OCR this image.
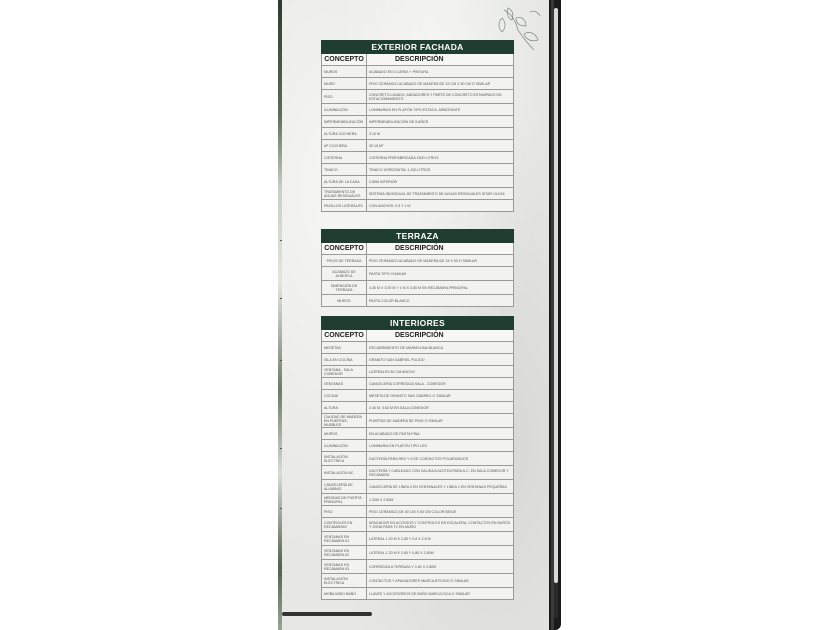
EXTERIOR FACHADA	
CONCEPTO	DESCRIPCIÓN
MUROS	ACABADO EN 3 CAPAS + PINTURA
MURO	PISO CERÁMICO ACABADO DE MADERA DE 15 CM X 50 CM O SIMILAR
PISO	CONCRETO LAVADO, ANDADORES Y PARTE DE CONCRETO ESTAMPADO EN ESTACIONAMIENTO
ILUMINACIÓN	LUMINARIAS EN PLAFÓN TIPO ESTACA, ARBOTANTE
IMPERMEABILIZACIÓN	IMPERMEABILIZACIÓN DE 5 AÑOS
ALTURA COCHERA	3.10 M
M² COCHERA	30.15 M²
CISTERNA	CISTERNA PREFABRICADA 1500 LITROS
TINACO	TINACO HORIZONTAL 1,100 LITROS
ALTURA DE LA CASA	2.80M INTERIOR
TRATAMIENTO DE AGUAS RESIDUALES	SISTEMA INDIVIDUAL DE TRATAMIENTO DE AGUAS RESIDUALES SITAR OLD18
PASILLOS LATERALES	CON ANCHOS: 0.9 Y 1 M
TERRAZA	
CONCEPTO	DESCRIPCIÓN
PISOS DE TERRAZA	PISO CERÁMICO ACABADO DE MADERA DE 15 X 50 O SIMILAR
ACABADO DE ALBERCA	PASTA TIPO CHUKUM
DIMENSIÓN DE TERRAZA	4.30 M X 3.00 M Y 1 M X 3.65 M EN RECÁMARA PRINCIPAL
MUROS	PASTA COLOR BLANCO
INTERIORES	
CONCEPTO	DESCRIPCIÓN
MESETAS	RECUBRIMIENTO DE MARMOLINA BLANCA
ISLA EN COCINA	GRANITO SAN GABRIEL PULIDO
VENTANA - SALA COMEDOR	LATERALES 80 CM ANCHO
VENTANAS	CANCELERÍA CORREDIZA SALA - COMEDOR
COCINA	MESETA DE GRANITO SAN GABRIEL O SIMILAR
ALTURA	3.40 M, 3.63 M EN SALA COMEDOR
CALIDAD DE MADERA EN PUERTAS, MUEBLES	PUERTAS DE MADERA DE PINO O SIMILAR
MUROS	EN ACABADO DE PASTA FINA
ILUMINACIÓN	LUMINARIA EN PLAFÓN TIPO LED
INSTALACIÓN ELÉCTRICA	DUCTERÍA PARA RED Y 9 DE CONTACTOS POLARIZADOS
INSTALACIÓN AC	DUCTERÍA Y CABLEADO CON SALIDA A AZOTEA PARA A.C. EN SALA COMEDOR Y RECÁMARA
CANCELERÍA DE ALUMINIO	CANCELERÍA DE LÍNEA 3 EN VENTANALES Y LÍNEA 2 EN VENTANAS PEQUEÑAS
MEDIDAS DE PUERTA PRINCIPAL	1.20M X 2.80M
PISO	PISO CERÁMICO DE 60 CM X 80 CM COLOR BEIGE
CONTROLES EN RECÁMARAS	APAGADOR EN ACCESOS Y CONTROLES EN ESCALERA, CONTACTOS EN BURÓS Y ZONA PARA TV EN MURO
VENTANAS EN RECÁMARA 01	LATERAL 1.20 M X 2.80 Y 0.8 X 2.8 M
VENTANAS EN RECÁMARA 02	LATERAL 1.20 M X 2.80 Y 0.80 X 2.80M
VENTANAS EN RECÁMARA 03	CORREDIZA A TERRAZA Y 0.82 X 2.80M
INSTALACIÓN ELÉCTRICA	CONTACTOS Y APAGADORES MARCA BTICINO O SIMILAR
MOBILIARIO BAÑO	LLAVES Y ACCESORIOS DE BAÑO MARCA DICA O SIMILAR
